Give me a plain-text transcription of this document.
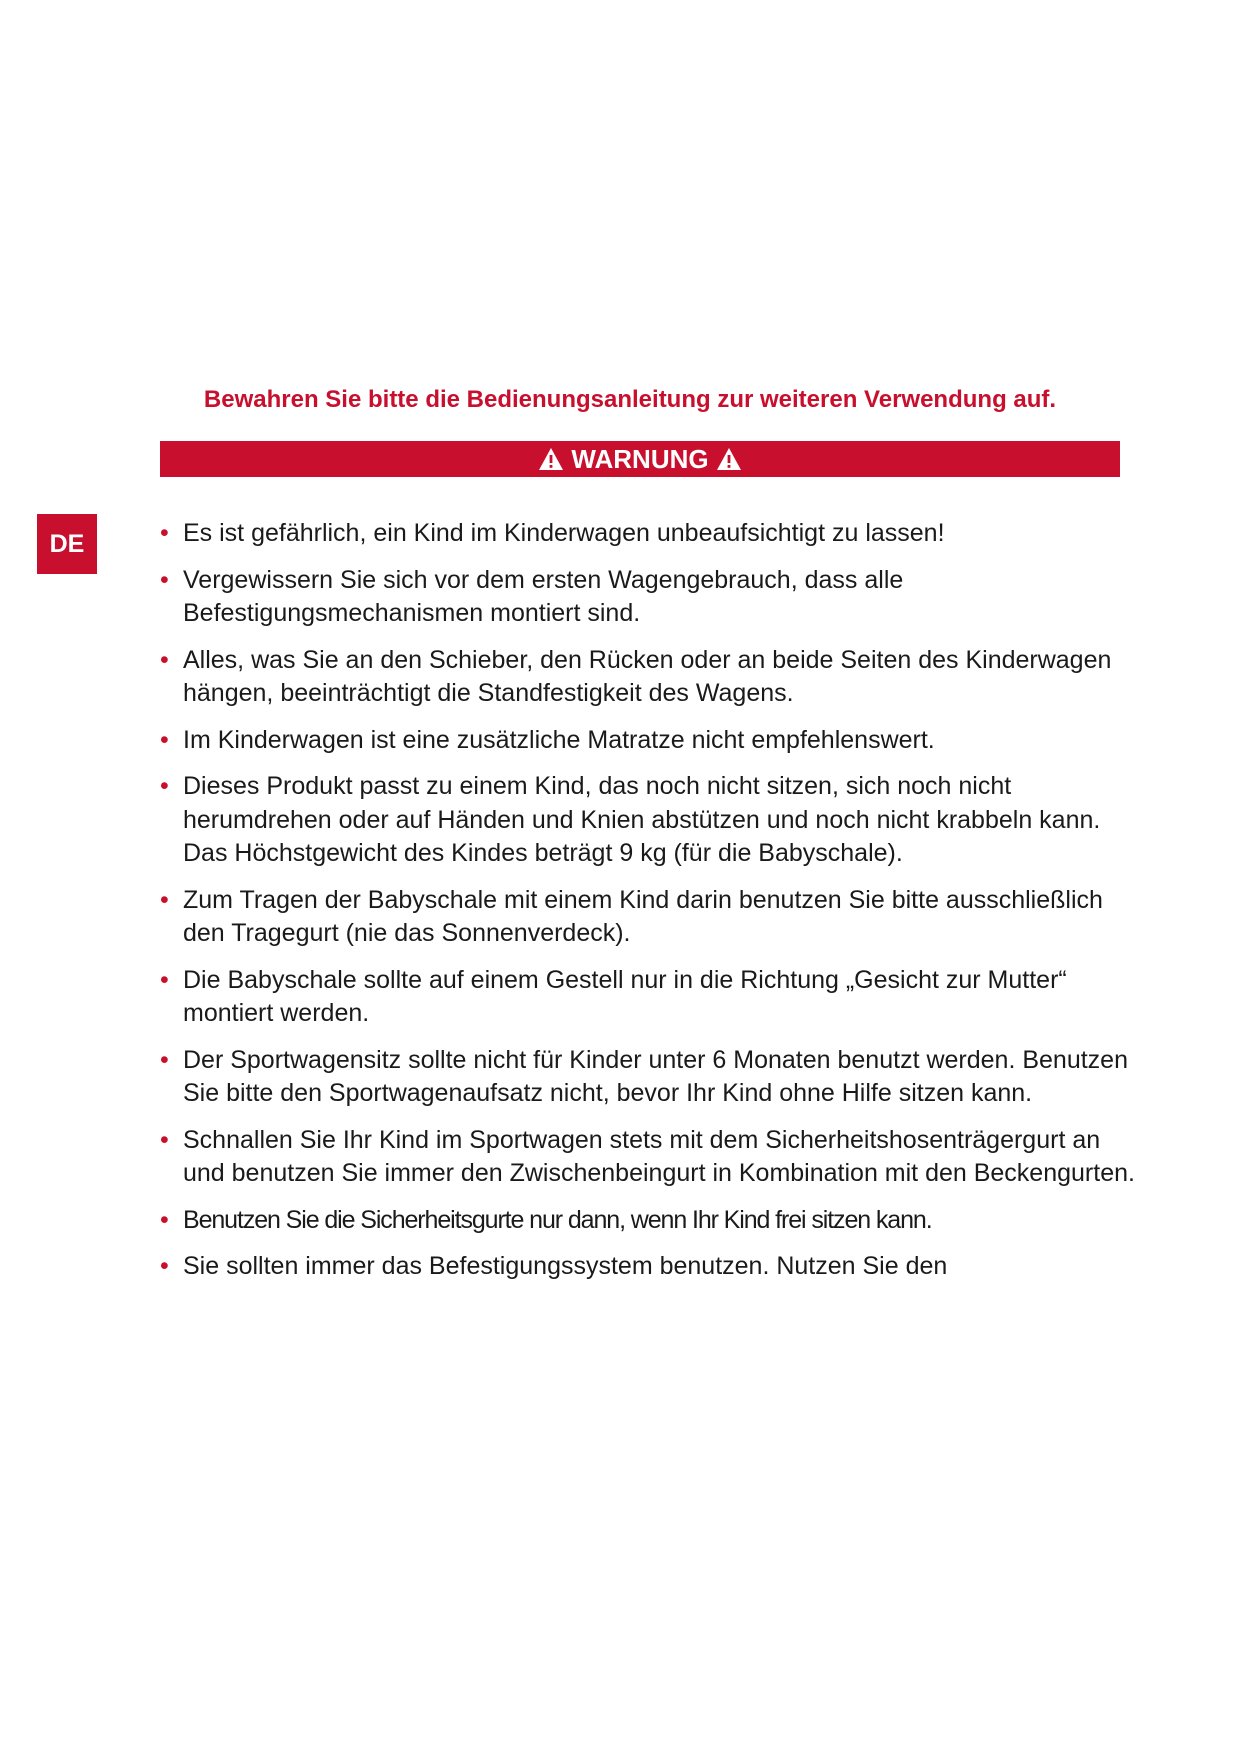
Bewahren Sie bitte die Bedienungsanleitung zur weiteren Verwendung auf.
WARNUNG
DE	• Es ist gefährlich, ein Kind im Kinderwagen unbeaufsichtigt zu lassen!
• Vergewissern Sie sich vor dem ersten Wagengebrauch, dass alle Befestigungsmechanismen montiert sind.
• Alles, was Sie an den Schieber, den Rücken oder an beide Seiten des Kinderwagen hängen, beeinträchtigt die Standfestigkeit des Wagens.
• Im Kinderwagen ist eine zusätzliche Matratze nicht empfehlenswert.
• Dieses Produkt passt zu einem Kind, das noch nicht sitzen, sich noch nicht herumdrehen oder auf Händen und Knien abstützen und noch nicht krabbeln kann. Das Höchstgewicht des Kindes beträgt 9 kg (für die Babyschale).
• Zum Tragen der Babyschale mit einem Kind darin benutzen Sie bitte ausschließlich den Tragegurt (nie das Sonnenverdeck).
• Die Babyschale sollte auf einem Gestell nur in die Richtung „Gesicht zur Mutter“ montiert werden.
• Der Sportwagensitz sollte nicht für Kinder unter 6 Monaten benutzt werden. Benutzen Sie bitte den Sportwagenaufsatz nicht, bevor Ihr Kind ohne Hilfe sitzen kann.
• Schnallen Sie Ihr Kind im Sportwagen stets mit dem Sicherheitshosenträgergurt an und benutzen Sie immer den Zwischenbeingurt in Kombination mit den Beckengurten.
• Benutzen Sie die Sicherheitsgurte nur dann, wenn Ihr Kind frei sitzen kann.
• Sie sollten immer das Befestigungssystem benutzen. Nutzen Sie den
